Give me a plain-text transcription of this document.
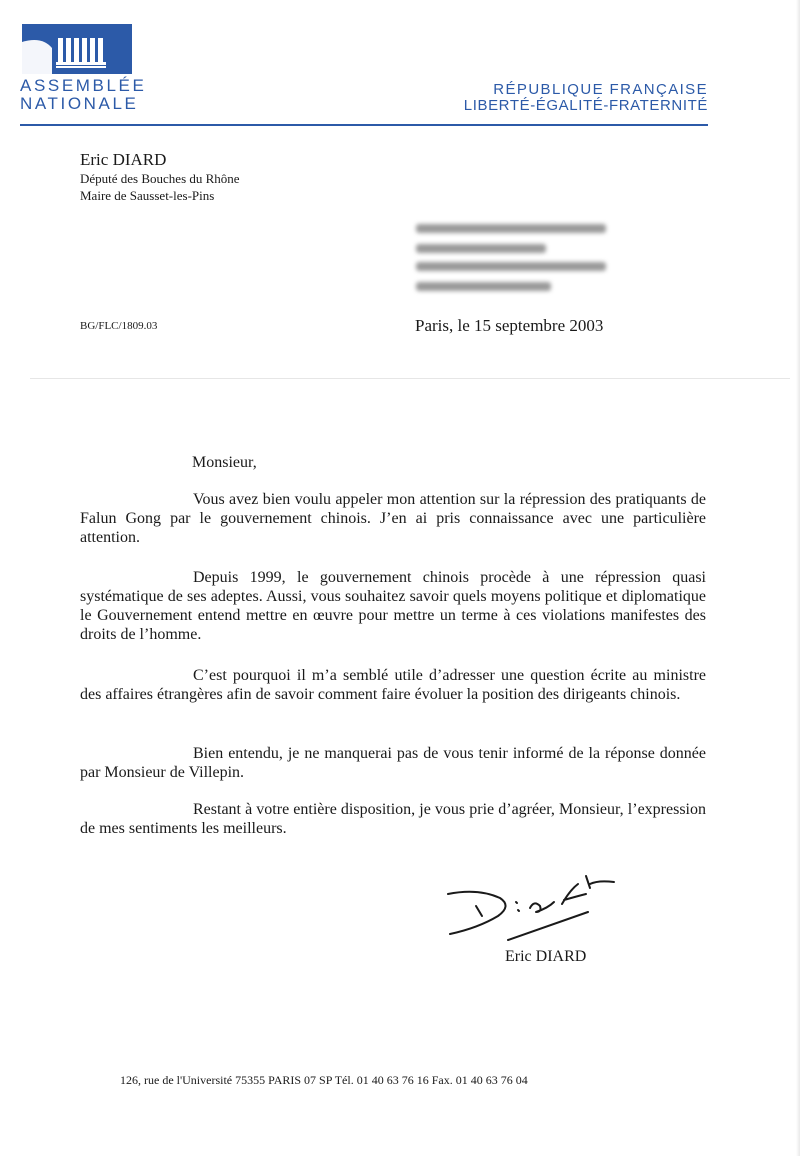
ASSEMBLÉE
NATIONALE
RÉPUBLIQUE FRANÇAISE
LIBERTÉ-ÉGALITÉ-FRATERNITÉ
Eric DIARD
Député des Bouches du Rhône
Maire de Sausset-les-Pins
BG/FLC/1809.03	Paris, le 15 septembre 2003
Monsieur,

Vous avez bien voulu appeler mon attention sur la répression des pratiquants de Falun Gong par le gouvernement chinois. J’en ai pris connaissance avec une particulière attention.

Depuis 1999, le gouvernement chinois procède à une répression quasi systématique de ses adeptes. Aussi, vous souhaitez savoir quels moyens politique et diplomatique le Gouvernement entend mettre en œuvre pour mettre un terme à ces violations manifestes des droits de l’homme.

C’est pourquoi il m’a semblé utile d’adresser une question écrite au ministre des affaires étrangères afin de savoir comment faire évoluer la position des dirigeants chinois.

Bien entendu, je ne manquerai pas de vous tenir informé de la réponse donnée par Monsieur de Villepin.

Restant à votre entière disposition, je vous prie d’agréer, Monsieur, l’expression de mes sentiments les meilleurs.

Eric DIARD
126, rue de l'Université 75355 PARIS 07 SP Tél. 01 40 63 76 16 Fax. 01 40 63 76 04
